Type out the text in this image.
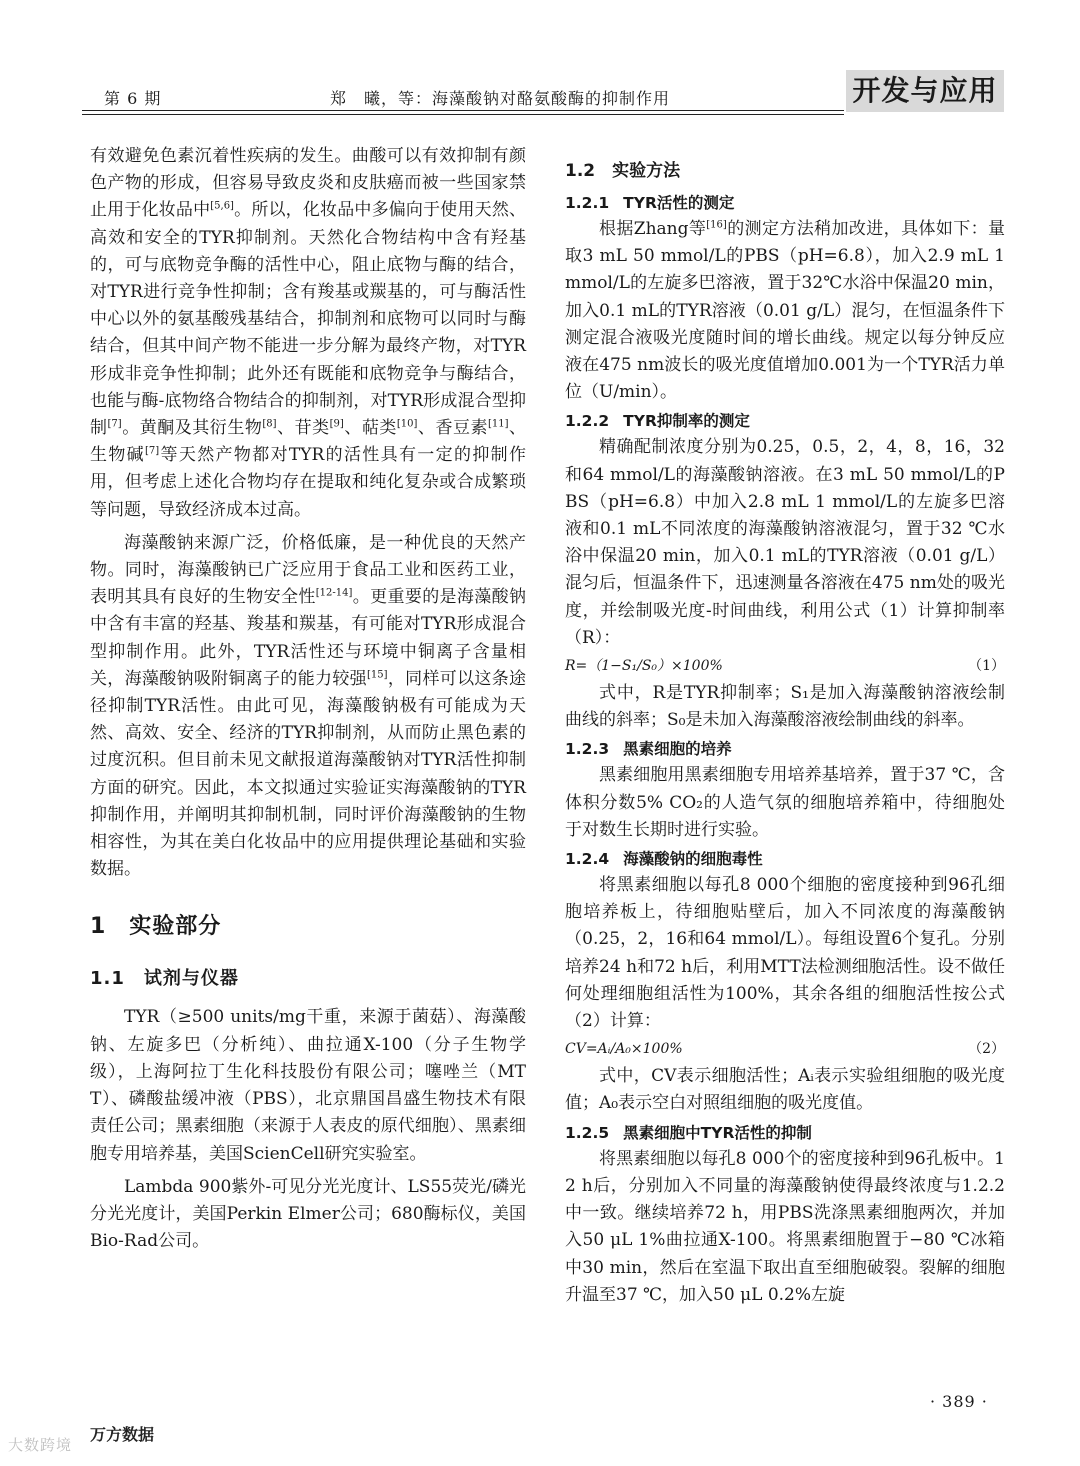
第 6 期	郑　曦，等：海藻酸钠对酪氨酸酶的抑制作用	开发与应用

有效避免色素沉着性疾病的发生。曲酸可以有效抑制有颜色产物的形成，但容易导致皮炎和皮肤癌而被一些国家禁止用于化妆品中[5,6]。所以，化妆品中多偏向于使用天然、高效和安全的TYR抑制剂。天然化合物结构中含有羟基的，可与底物竞争酶的活性中心，阻止底物与酶的结合，对TYR进行竞争性抑制；含有羧基或羰基的，可与酶活性中心以外的氨基酸残基结合，抑制剂和底物可以同时与酶结合，但其中间产物不能进一步分解为最终产物，对TYR形成非竞争性抑制；此外还有既能和底物竞争与酶结合，也能与酶-底物络合物结合的抑制剂，对TYR形成混合型抑制[7]。黄酮及其衍生物[8]、苷类[9]、萜类[10]、香豆素[11]、生物碱[7]等天然产物都对TYR的活性具有一定的抑制作用，但考虑上述化合物均存在提取和纯化复杂或合成繁琐等问题，导致经济成本过高。

海藻酸钠来源广泛，价格低廉，是一种优良的天然产物。同时，海藻酸钠已广泛应用于食品工业和医药工业，表明其具有良好的生物安全性[12-14]。更重要的是海藻酸钠中含有丰富的羟基、羧基和羰基，有可能对TYR形成混合型抑制作用。此外，TYR活性还与环境中铜离子含量相关，海藻酸钠吸附铜离子的能力较强[15]，同样可以这条途径抑制TYR活性。由此可见，海藻酸钠极有可能成为天然、高效、安全、经济的TYR抑制剂，从而防止黑色素的过度沉积。但目前未见文献报道海藻酸钠对TYR活性抑制方面的研究。因此，本文拟通过实验证实海藻酸钠的TYR抑制作用，并阐明其抑制机制，同时评价海藻酸钠的生物相容性，为其在美白化妆品中的应用提供理论基础和实验数据。

1　实验部分
1.1　试剂与仪器

TYR（≥500 units/mg干重，来源于菌菇）、海藻酸钠、左旋多巴（分析纯）、曲拉通X-100（分子生物学级），上海阿拉丁生化科技股份有限公司；噻唑兰（MTT）、磷酸盐缓冲液（PBS），北京鼎国昌盛生物技术有限责任公司；黑素细胞（来源于人表皮的原代细胞）、黑素细胞专用培养基，美国ScienCell研究实验室。

Lambda 900紫外-可见分光光度计、LS55荧光/磷光分光光度计，美国Perkin Elmer公司；680酶标仪，美国Bio-Rad公司。

1.2　实验方法
1.2.1 TYR活性的测定

根据Zhang等[16]的测定方法稍加改进，具体如下：量取3 mL 50 mmol/L的PBS（pH=6.8），加入2.9 mL 1 mmol/L的左旋多巴溶液，置于32℃水浴中保温20 min，加入0.1 mL的TYR溶液（0.01 g/L）混匀，在恒温条件下测定混合液吸光度随时间的增长曲线。规定以每分钟反应液在475 nm波长的吸光度值增加0.001为一个TYR活力单位（U/min）。

1.2.2 TYR抑制率的测定

精确配制浓度分别为0.25，0.5，2，4，8，16，32和64 mmol/L的海藻酸钠溶液。在3 mL 50 mmol/L的PBS（pH=6.8）中加入2.8 mL 1 mmol/L的左旋多巴溶液和0.1 mL不同浓度的海藻酸钠溶液混匀，置于32 ℃水浴中保温20 min，加入0.1 mL的TYR溶液（0.01 g/L）混匀后，恒温条件下，迅速测量各溶液在475 nm处的吸光度，并绘制吸光度-时间曲线，利用公式（1）计算抑制率（R）：

R=（1−S₁/S₀）×100%	（1）

式中，R是TYR抑制率；S₁是加入海藻酸钠溶液绘制曲线的斜率；S₀是未加入海藻酸溶液绘制曲线的斜率。

1.2.3 黑素细胞的培养

黑素细胞用黑素细胞专用培养基培养，置于37 ℃，含体积分数5% CO₂的人造气氛的细胞培养箱中，待细胞处于对数生长期时进行实验。

1.2.4 海藻酸钠的细胞毒性

将黑素细胞以每孔8 000个细胞的密度接种到96孔细胞培养板上，待细胞贴壁后，加入不同浓度的海藻酸钠（0.25，2，16和64 mmol/L）。每组设置6个复孔。分别培养24 h和72 h后，利用MTT法检测细胞活性。设不做任何处理细胞组活性为100%，其余各组的细胞活性按公式（2）计算：

CV=Aᵢ/A₀×100%	（2）

式中，CV表示细胞活性；Aᵢ表示实验组细胞的吸光度值；A₀表示空白对照组细胞的吸光度值。

1.2.5 黑素细胞中TYR活性的抑制

将黑素细胞以每孔8 000个的密度接种到96孔板中。12 h后，分别加入不同量的海藻酸钠使得最终浓度与1.2.2中一致。继续培养72 h，用PBS洗涤黑素细胞两次，并加入50 μL 1%曲拉通X-100。将黑素细胞置于−80 ℃冰箱中30 min，然后在室温下取出直至细胞破裂。裂解的细胞升温至37 ℃，加入50 μL 0.2%左旋

· 389 ·
万方数据
大数跨境
